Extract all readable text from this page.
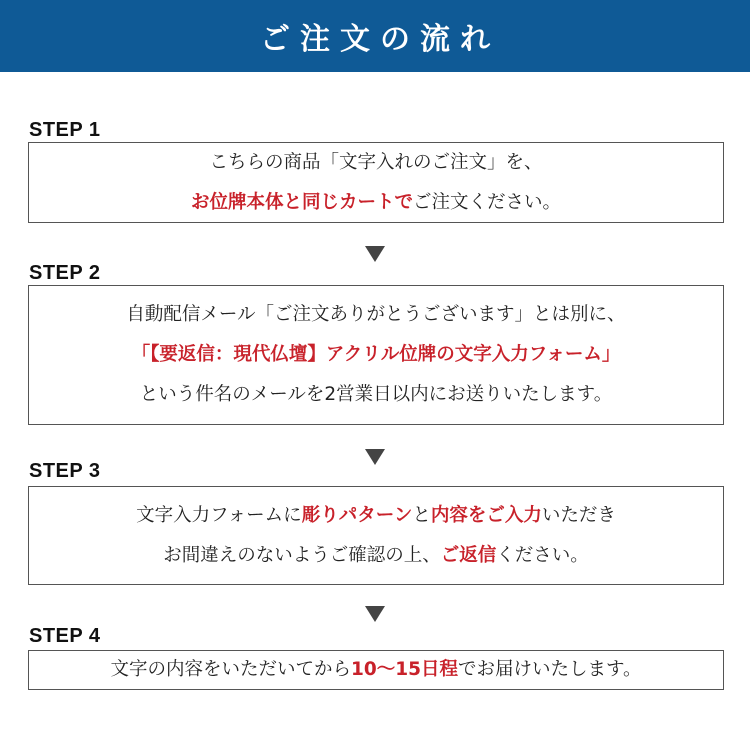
ご注文の流れ
STEP 1
こちらの商品「文字入れのご注文」を、
お位牌本体と同じカートでご注文ください。
STEP 2
自動配信メール「ご注文ありがとうございます」とは別に、
「【要返信：現代仏壇】アクリル位牌の文字入力フォーム」
という件名のメールを2営業日以内にお送りいたします。
STEP 3
文字入力フォームに彫りパターンと内容をご入力いただき
お間違えのないようご確認の上、ご返信ください。
STEP 4
文字の内容をいただいてから10〜15日程でお届けいたします。
